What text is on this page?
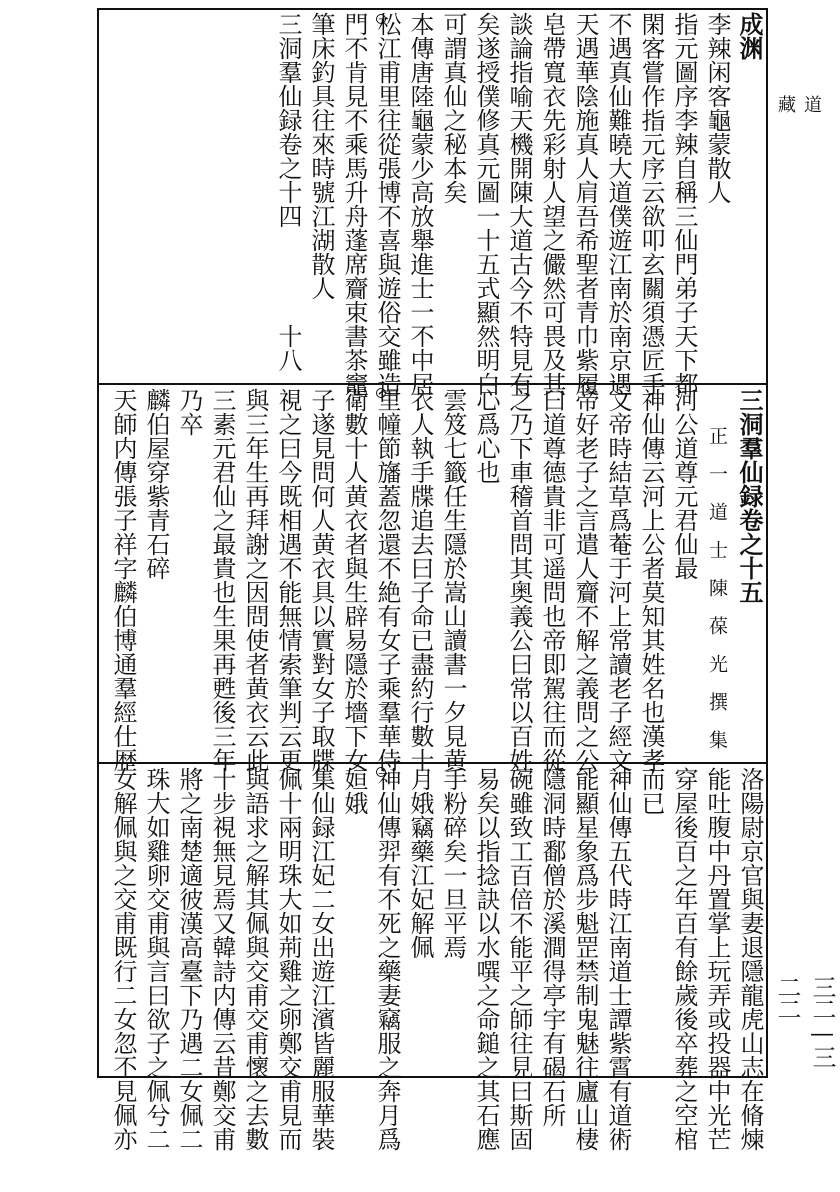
道藏
三二—三二二
成渊
李辣闲客龜蒙散人
指元圖序李辣自稱三仙門弟子天下都
閑客嘗作指元序云欲叩玄關須憑匠手
不遇真仙難曉大道僕遊江南於南京遇
天遇華陰施真人肩吾希聖者青巾紫履
皂帶寬衣先彩射人望之儼然可畏及其
談論指喻天機開陳大道古今不特見有
矣遂授僕修真元圖一十五式顯然明白
可謂真仙之秘本矣
本傳唐陸龜蒙少高放舉進士一不中居
松江甫里往從張博不喜與遊俗交雖造
門不肯見不乘馬升舟蓬席齎束書茶竈
筆床釣具往來時號江湖散人
三洞羣仙録卷之十四　　　　十八
三洞羣仙録卷之十五
　　正　一　道　士　陳　葆　光　撰　集
河公道尊元君仙最
神仙傳云河上公者莫知其姓名也漢孝
文帝時結草爲菴于河上常讀老子經文
帝好老子之言遣人齎不解之義問之公
曰道尊德貴非可遥問也帝即駕往而從
之乃下車稽首問其奥義公曰常以百姓
心爲心也
雲笈七籤任生隱於嵩山讀書一夕見黄
衣人執手牒追去曰子命已盡約行數十
里幢節旛蓋忽還不絶有女子乘羣華侍
衛數十人黄衣者與生辟易隱於墻下女
子遂見問何人黄衣具以實對女子取牒
視之曰今既相遇不能無情索筆判云更
與三年生再拜謝之因問使者黄衣云此
三素元君仙之最貴也生果再甦後三年
乃卒
麟伯屋穿紫青石碎
天師内傳張子祥字麟伯博通羣經仕歴
洛陽尉京官與妻退隱龍虎山志在脩煉
能吐腹中丹置掌上玩弄或投器中光芒
穿屋後百之年百有餘歲後卒葬之空棺
而已
神仙傳五代時江南道士譚紫霄有道術
能顯星象爲步魁罡禁制鬼魅往廬山棲
隱洞時鄱僧於溪澗得亭宇有碣石所
碗雖致工百倍不能平之師往見曰斯固
易矣以指捻訣以水噀之命鎚之其石應
手粉碎矣一旦平焉
月娥竊藥江妃解佩
神仙傳羿有不死之藥妻竊服之奔月爲
姮娥
集仙録江妃二女出遊江濱皆麗服華裝
佩十兩明珠大如荊雞之卵鄭交甫見而
與語求之解其佩與交甫交甫懷之去數
十步視無見焉又韓詩内傳云昔鄭交甫
將之南楚適彼漢高臺下乃遇二女佩二
珠大如雞卵交甫與言曰欲子之佩兮二
女解佩與之交甫既行二女忽不見佩亦
